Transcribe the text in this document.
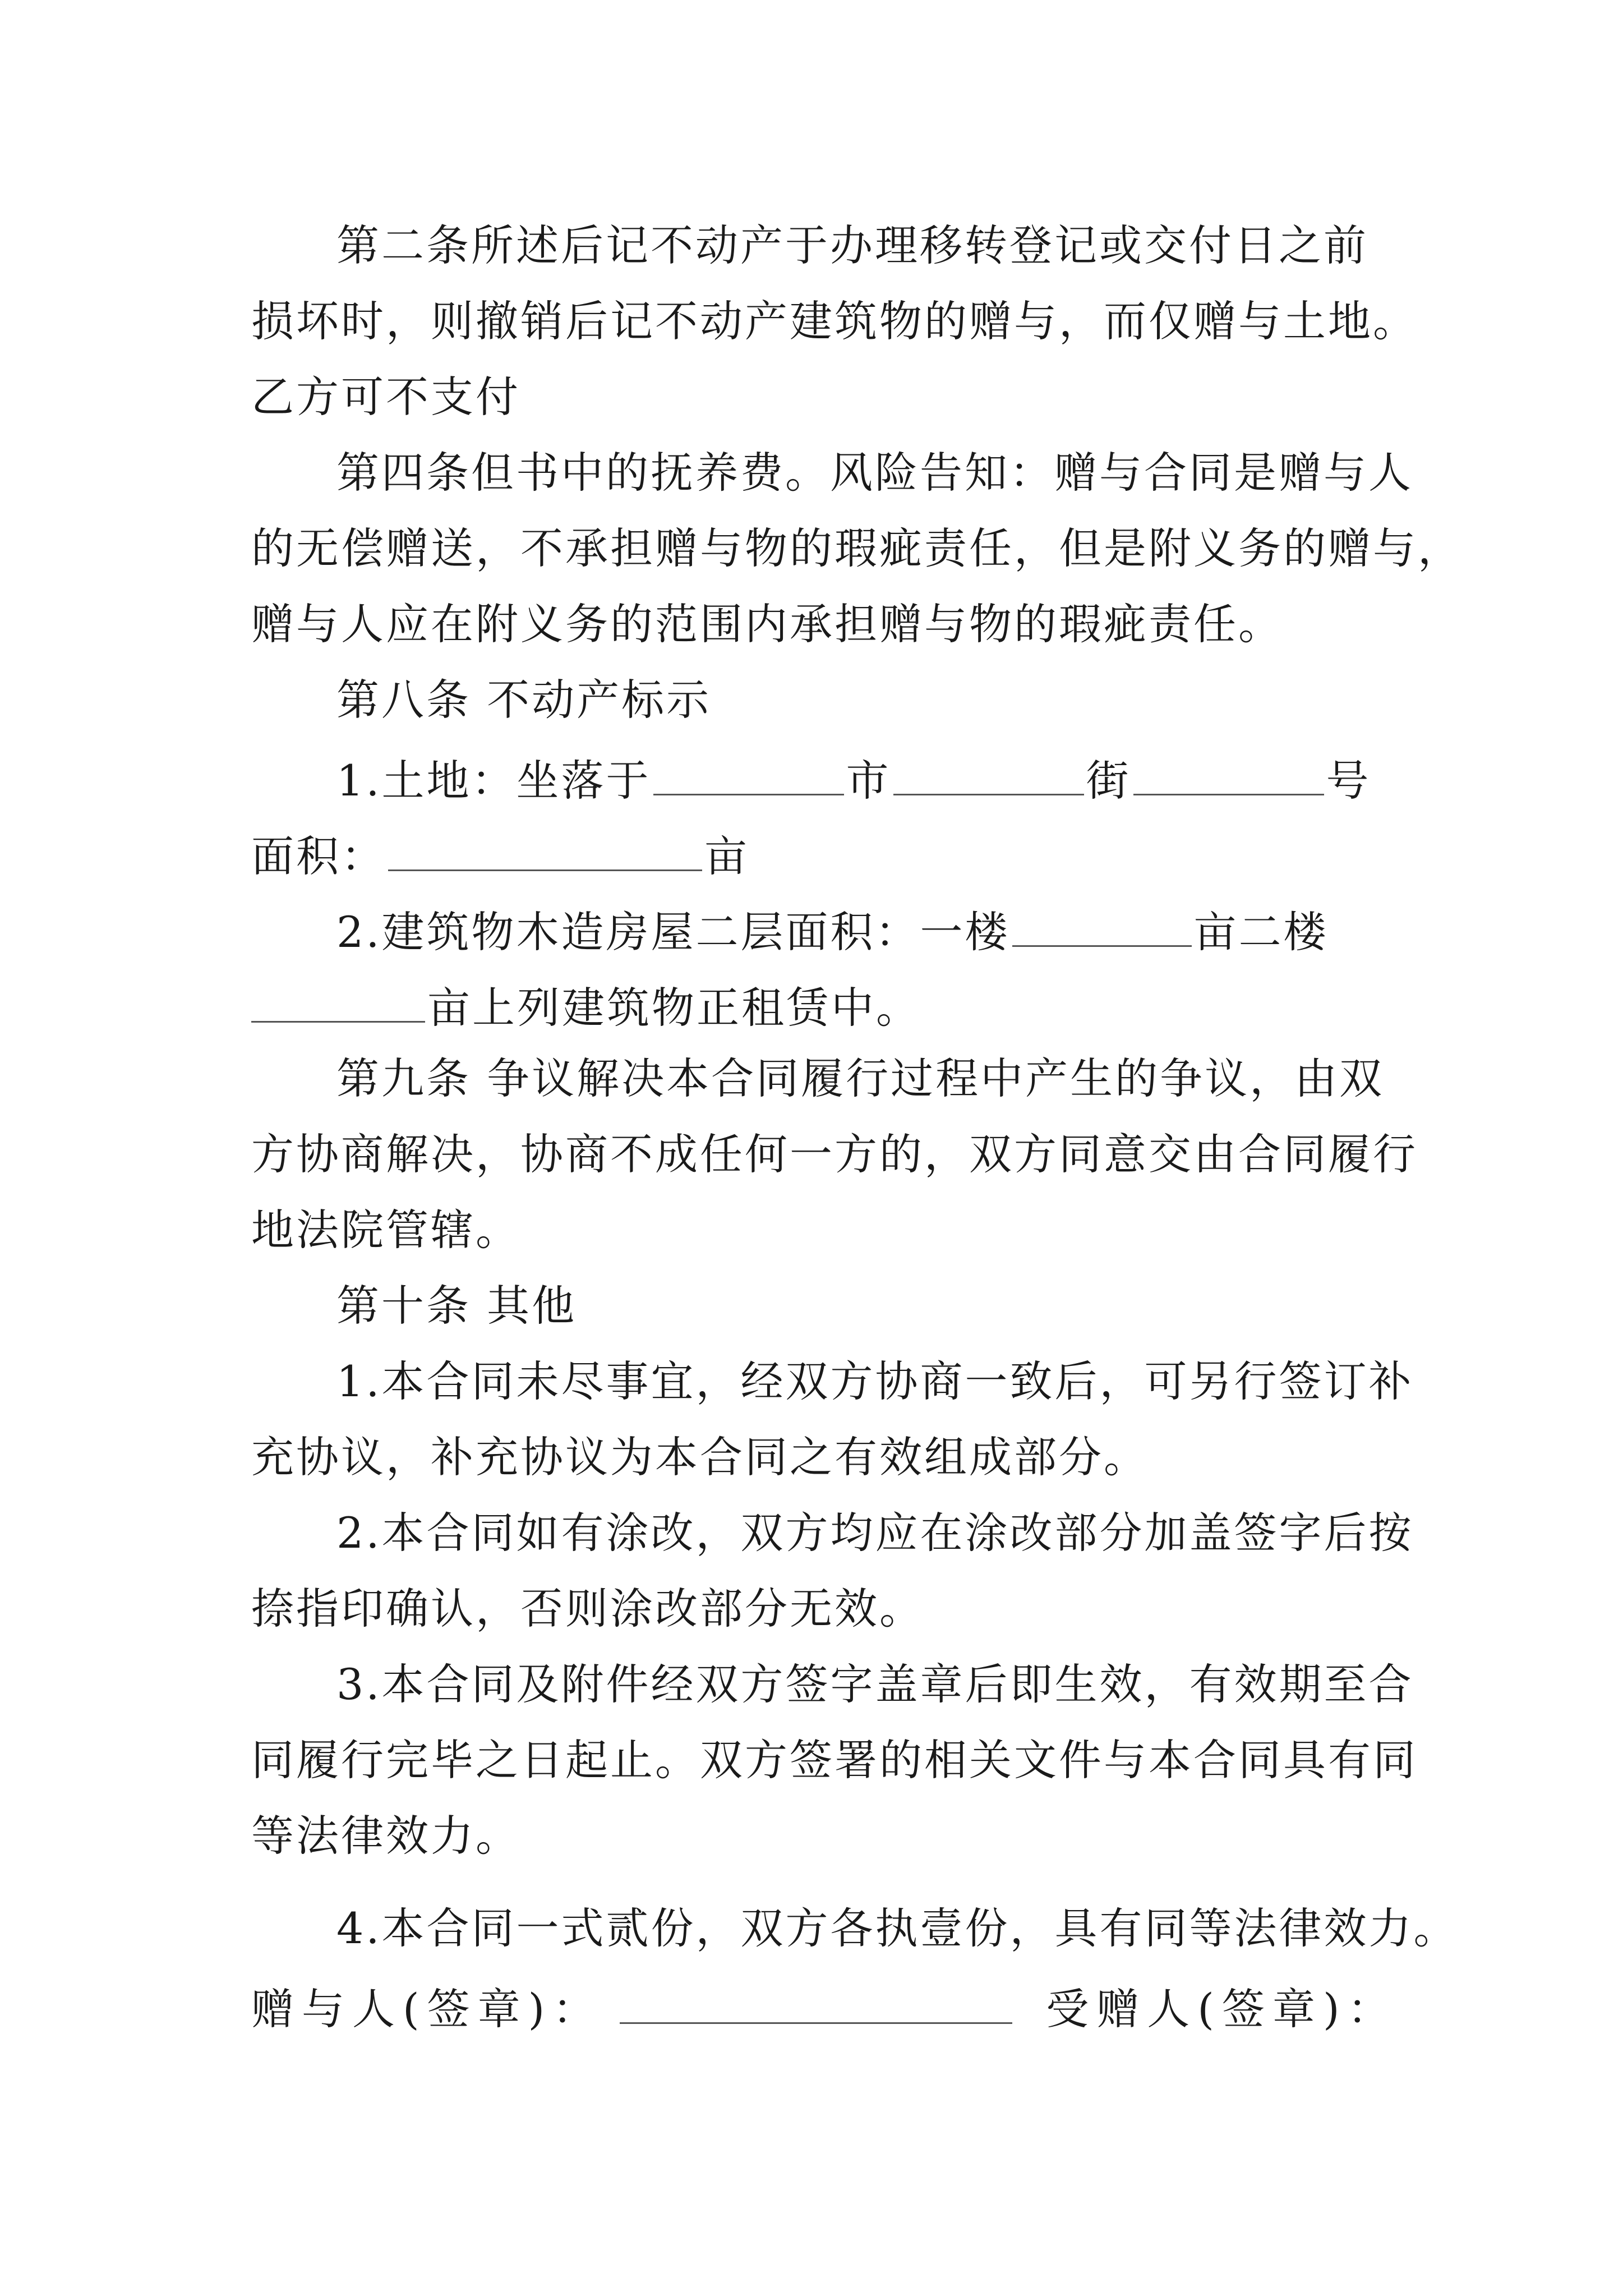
第二条所述后记不动产于办理移转登记或交付日之前
损坏时，则撤销后记不动产建筑物的赠与，而仅赠与土地。
乙方可不支付
第四条但书中的抚养费。风险告知：赠与合同是赠与人
的无偿赠送，不承担赠与物的瑕疵责任，但是附义务的赠与，
赠与人应在附义务的范围内承担赠与物的瑕疵责任。
第八条 不动产标示
1.土地：坐落于	市	街	号
面积：	亩
2.建筑物木造房屋二层面积：一楼	亩二楼
亩上列建筑物正租赁中。
第九条 争议解决本合同履行过程中产生的争议，由双
方协商解决，协商不成任何一方的，双方同意交由合同履行
地法院管辖。
第十条 其他
1.本合同未尽事宜，经双方协商一致后，可另行签订补
充协议，补充协议为本合同之有效组成部分。
2.本合同如有涂改，双方均应在涂改部分加盖签字后按
捺指印确认，否则涂改部分无效。
3.本合同及附件经双方签字盖章后即生效，有效期至合
同履行完毕之日起止。双方签署的相关文件与本合同具有同
等法律效力。
4.本合同一式贰份，双方各执壹份，具有同等法律效力。
赠与人(签章)：	受赠人(签章)：
